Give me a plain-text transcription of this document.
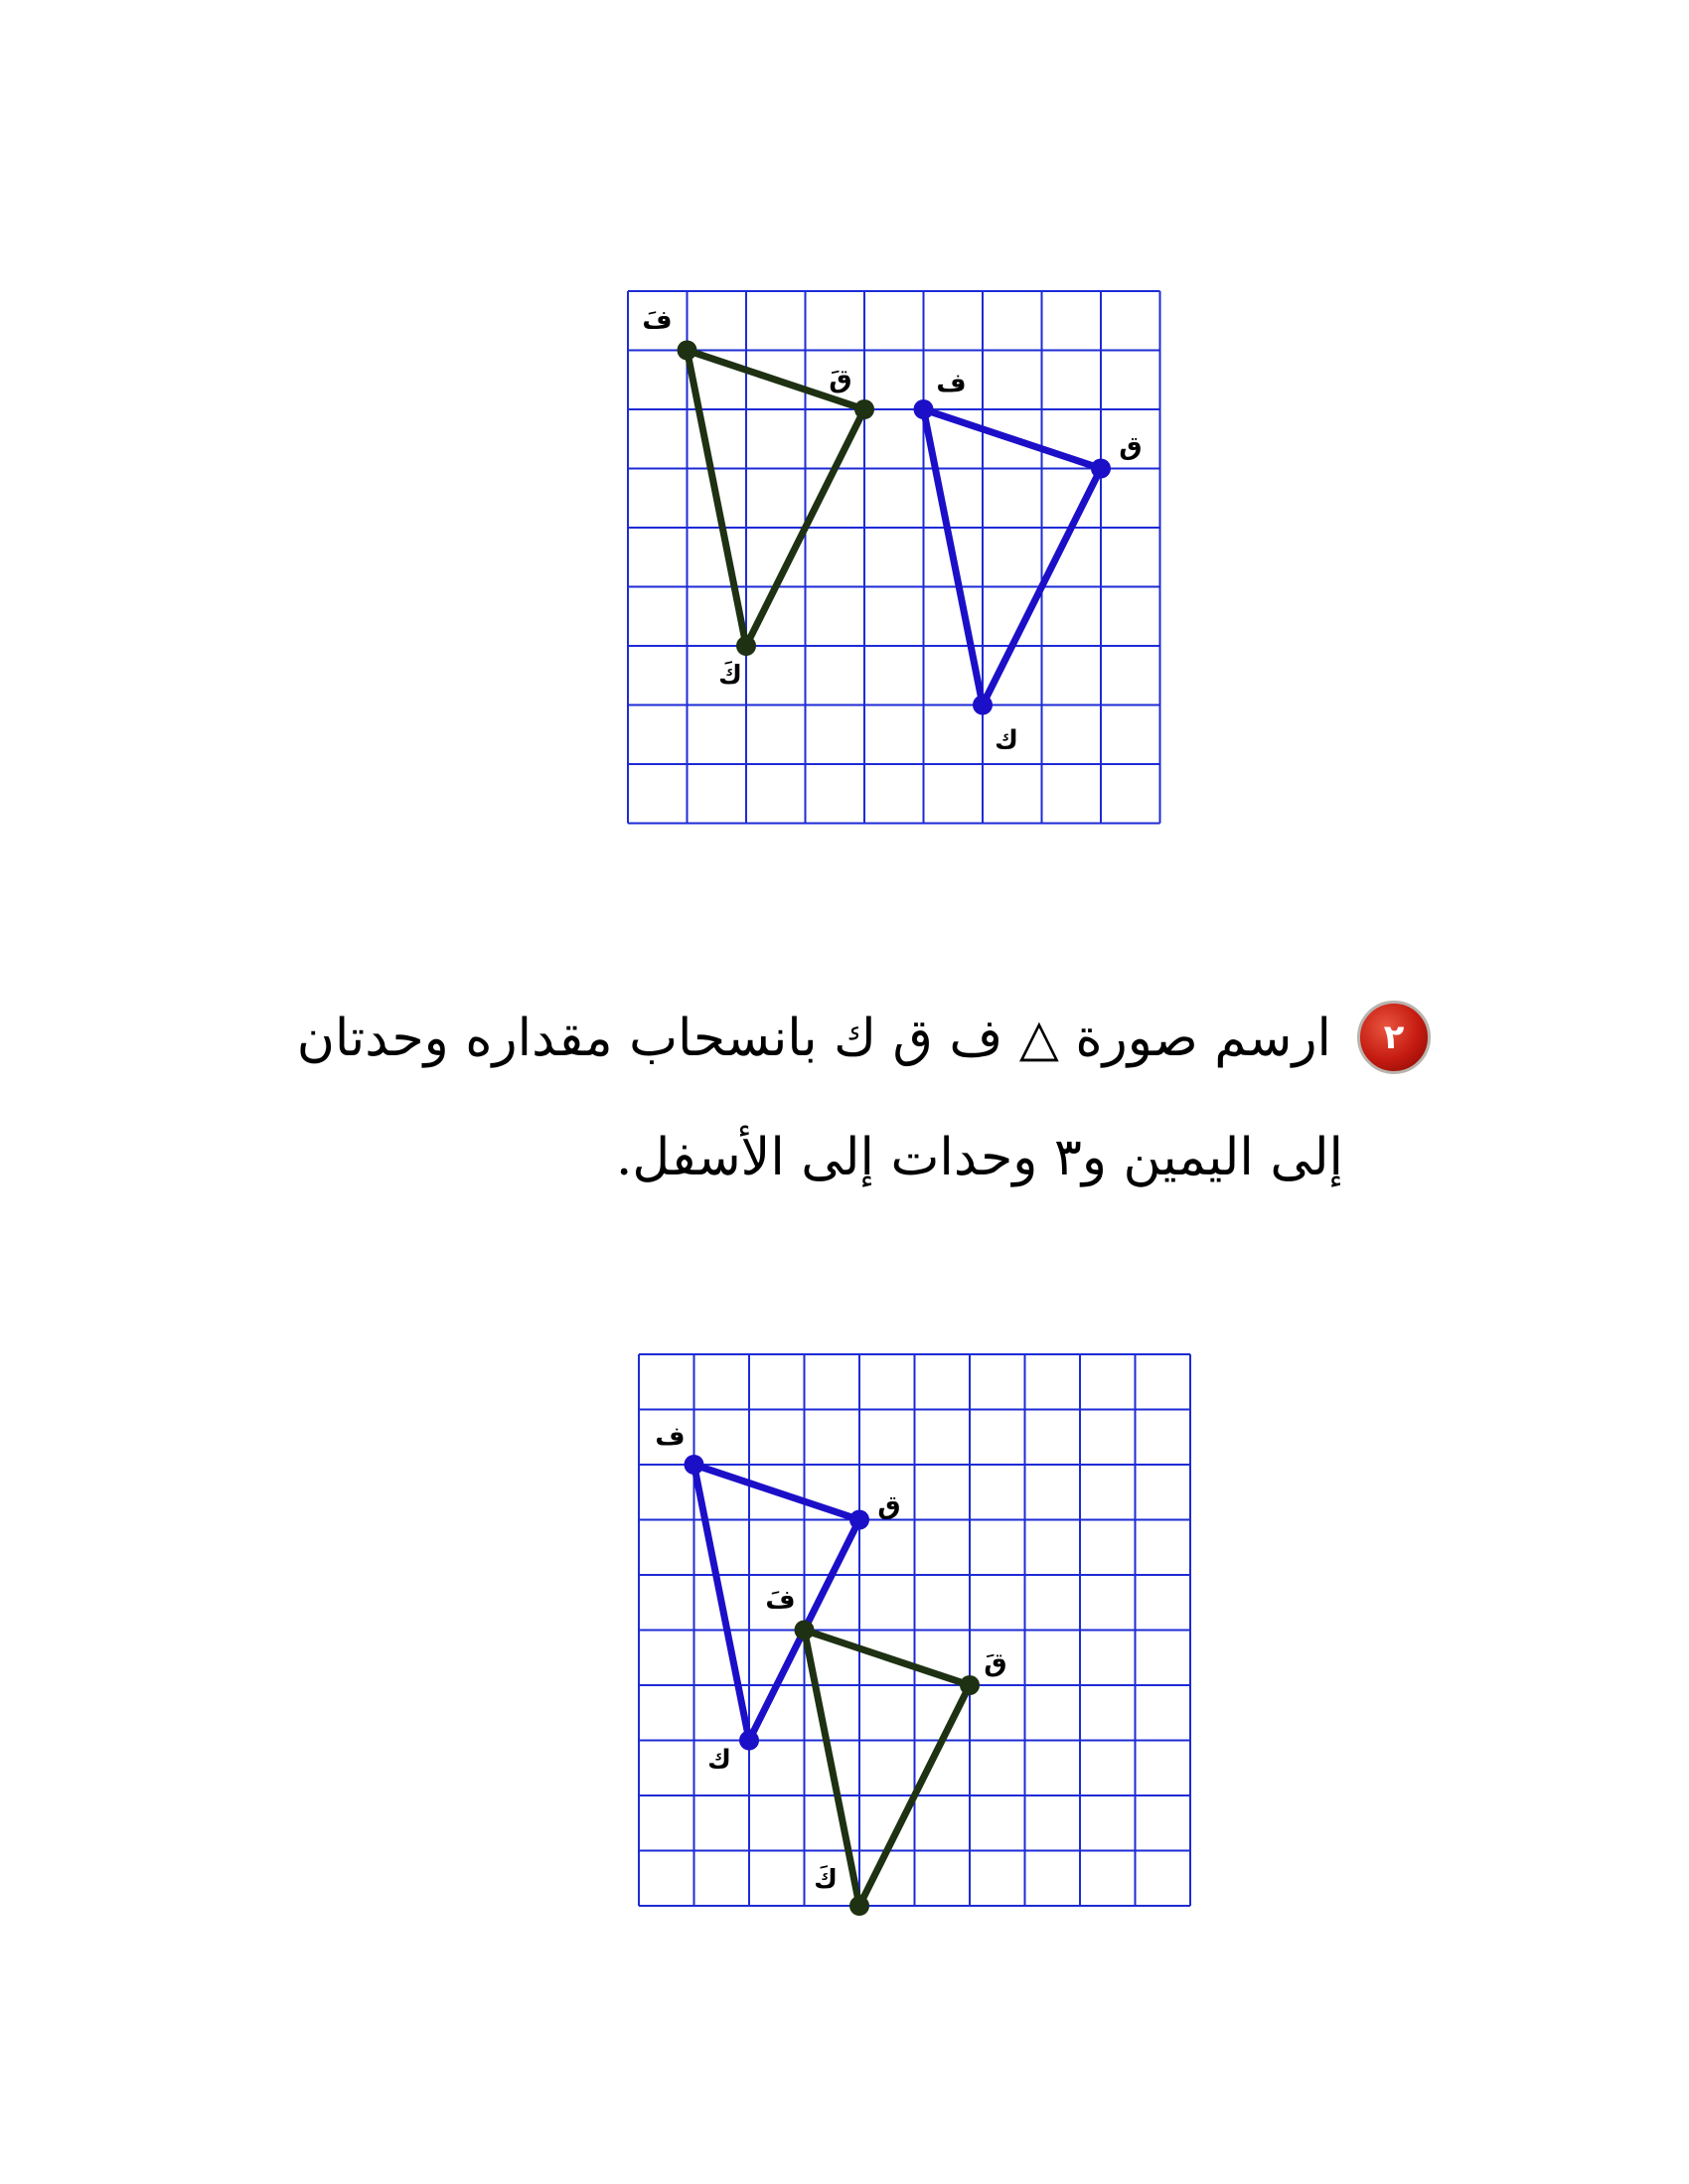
ف
ق
ك
فَ
قَ
كَ
ف
ق
ك
فَ
قَ
كَ
٢
ارسم صورة △ ف ق ك بانسحاب مقداره وحدتان
إلى اليمين و٣ وحدات إلى الأسفل.
